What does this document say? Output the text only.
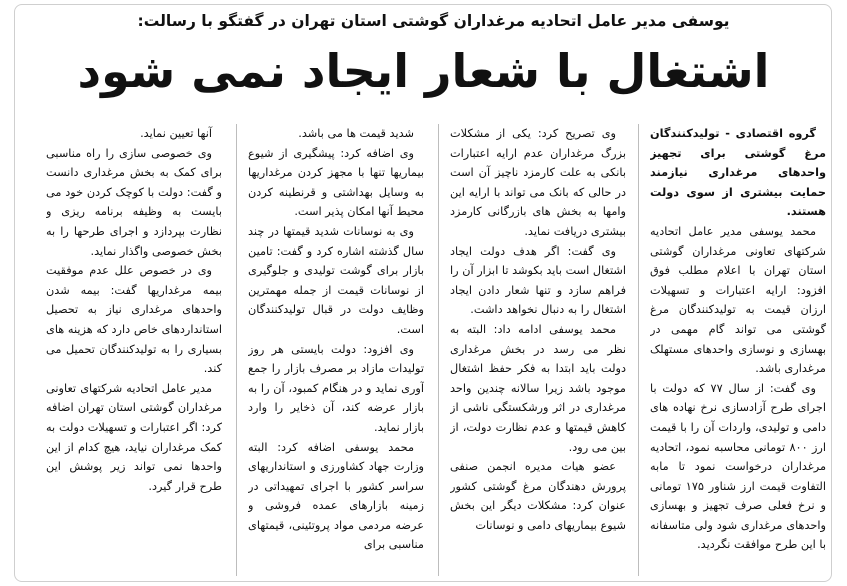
یوسفی مدیر عامل اتحادیه مرغداران گوشتی استان تهران در گفتگو با رسالت:
اشتغال با شعار ایجاد نمی شود

گروه اقتصادی - تولیدکنندگان مرغ گوشتی برای تجهیز واحدهای مرغداری نیازمند حمایت بیشتری از سوی دولت هستند.

محمد یوسفی مدیر عامل اتحادیه شرکتهای تعاونی مرغداران گوشتی استان تهران با اعلام مطلب فوق افزود: ارایه اعتبارات و تسهیلات ارزان قیمت به تولیدکنندگان مرغ گوشتی می تواند گام مهمی در بهسازی و نوسازی واحدهای مستهلک مرغداری باشد.

وی گفت: از سال ۷۷ که دولت با اجرای طرح آزادسازی نرخ نهاده های دامی و تولیدی، واردات آن را با قیمت ارز ۸۰۰ تومانی محاسبه نمود، اتحادیه مرغداران درخواست نمود تا مابه التفاوت قیمت ارز شناور ۱۷۵ تومانی و نرخ فعلی صرف تجهیز و بهسازی واحدهای مرغداری شود ولی متاسفانه با این طرح موافقت نگردید.

وی تصریح کرد: یکی از مشکلات بزرگ مرغداران عدم ارایه اعتبارات بانکی به علت کارمزد ناچیز آن است در حالی که بانک می تواند با ارایه این وامها به بخش های بازرگانی کارمزد بیشتری دریافت نماید.

وی گفت: اگر هدف دولت ایجاد اشتغال است باید بکوشد تا ابزار آن را فراهم سازد و تنها شعار دادن ایجاد اشتغال را به دنبال نخواهد داشت.

محمد یوسفی ادامه داد: البته به نظر می رسد در بخش مرغداری دولت باید ابتدا به فکر حفظ اشتغال موجود باشد زیرا سالانه چندین واحد مرغداری در اثر ورشکستگی ناشی از کاهش قیمتها و عدم نظارت دولت، از بین می رود.

عضو هیات مدیره انجمن صنفی پرورش دهندگان مرغ گوشتی کشور عنوان کرد: مشکلات دیگر این بخش شیوع بیماریهای دامی و نوسانات

شدید قیمت ها می باشد.

وی اضافه کرد: پیشگیری از شیوع بیماریها تنها با مجهز کردن مرغداریها به وسایل بهداشتی و قرنطینه کردن محیط آنها امکان پذیر است.

وی به نوسانات شدید قیمتها در چند سال گذشته اشاره کرد و گفت: تامین بازار برای گوشت تولیدی و جلوگیری از نوسانات قیمت از جمله مهمترین وظایف دولت در قبال تولیدکنندگان است.

وی افزود: دولت بایستی هر روز تولیدات مازاد بر مصرف بازار را جمع آوری نماید و در هنگام کمبود، آن را به بازار عرضه کند، آن ذخایر را وارد بازار نماید.

محمد یوسفی اضافه کرد: البته وزارت جهاد کشاورزی و استانداریهای سراسر کشور با اجرای تمهیداتی در زمینه بازارهای عمده فروشی و عرضه مردمی مواد پروتئینی، قیمتهای مناسبی برای

آنها تعیین نماید.

وی خصوصی سازی را راه مناسبی برای کمک به بخش مرغداری دانست و گفت: دولت با کوچک کردن خود می بایست به وظیفه برنامه ریزی و نظارت بپردازد و اجرای طرحها را به بخش خصوصی واگذار نماید.

وی در خصوص علل عدم موفقیت بیمه مرغداریها گفت: بیمه شدن واحدهای مرغداری نیاز به تحصیل استانداردهای خاص دارد که هزینه های بسیاری را به تولیدکنندگان تحمیل می کند.

مدیر عامل اتحادیه شرکتهای تعاونی مرغداران گوشتی استان تهران اضافه کرد: اگر اعتبارات و تسهیلات دولت به کمک مرغداران نیاید، هیچ کدام از این واحدها نمی تواند زیر پوشش این طرح قرار گیرد.
